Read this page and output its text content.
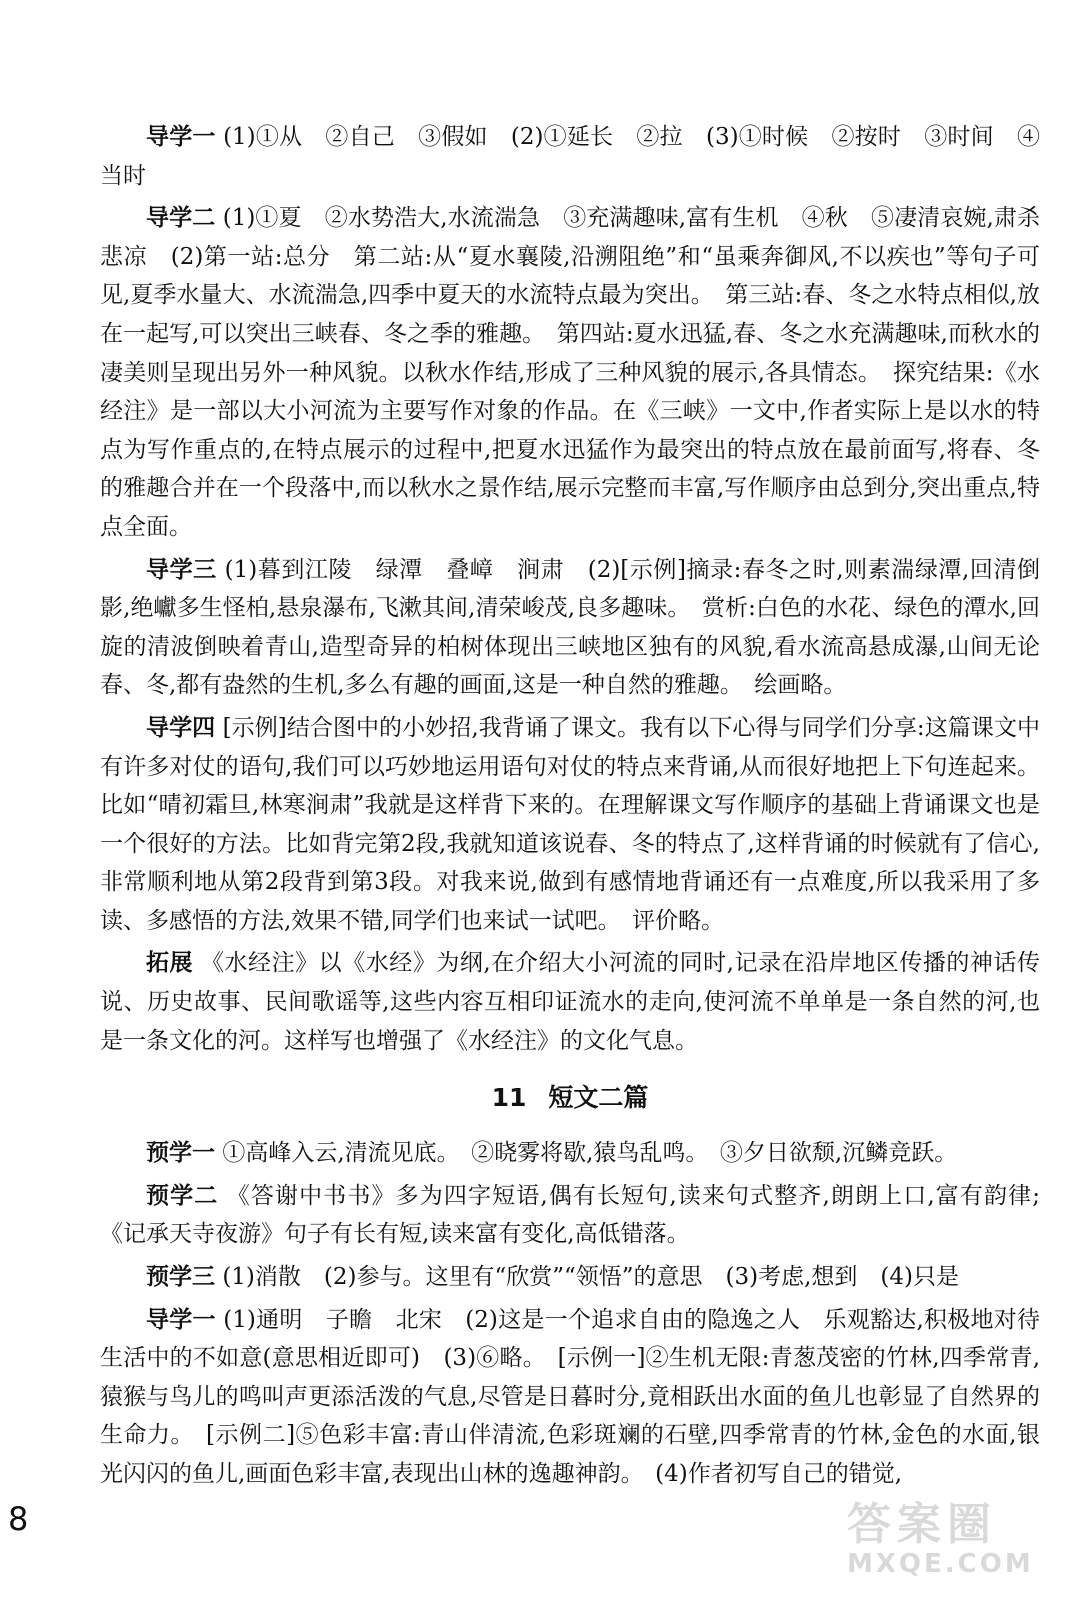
导学一 (1)①从　②自己　③假如　(2)①延长　②拉　(3)①时候　②按时　③时间　④当时

导学二 (1)①夏　②水势浩大,水流湍急　③充满趣味,富有生机　④秋　⑤凄清哀婉,肃杀悲凉　(2)第一站:总分　第二站:从“夏水襄陵,沿溯阻绝”和“虽乘奔御风,不以疾也”等句子可见,夏季水量大、水流湍急,四季中夏天的水流特点最为突出。　第三站:春、冬之水特点相似,放在一起写,可以突出三峡春、冬之季的雅趣。　第四站:夏水迅猛,春、冬之水充满趣味,而秋水的凄美则呈现出另外一种风貌。以秋水作结,形成了三种风貌的展示,各具情态。　探究结果:《水经注》是一部以大小河流为主要写作对象的作品。在《三峡》一文中,作者实际上是以水的特点为写作重点的,在特点展示的过程中,把夏水迅猛作为最突出的特点放在最前面写,将春、冬的雅趣合并在一个段落中,而以秋水之景作结,展示完整而丰富,写作顺序由总到分,突出重点,特点全面。

导学三 (1)暮到江陵　绿潭　叠嶂　涧肃　(2)[示例]摘录:春冬之时,则素湍绿潭,回清倒影,绝巘多生怪柏,悬泉瀑布,飞漱其间,清荣峻茂,良多趣味。　赏析:白色的水花、绿色的潭水,回旋的清波倒映着青山,造型奇异的柏树体现出三峡地区独有的风貌,看水流高悬成瀑,山间无论春、冬,都有盎然的生机,多么有趣的画面,这是一种自然的雅趣。　绘画略。

导学四 [示例]结合图中的小妙招,我背诵了课文。我有以下心得与同学们分享:这篇课文中有许多对仗的语句,我们可以巧妙地运用语句对仗的特点来背诵,从而很好地把上下句连起来。比如“晴初霜旦,林寒涧肃”我就是这样背下来的。在理解课文写作顺序的基础上背诵课文也是一个很好的方法。比如背完第2段,我就知道该说春、冬的特点了,这样背诵的时候就有了信心,非常顺利地从第2段背到第3段。对我来说,做到有感情地背诵还有一点难度,所以我采用了多读、多感悟的方法,效果不错,同学们也来试一试吧。　评价略。

拓展 《水经注》以《水经》为纲,在介绍大小河流的同时,记录在沿岸地区传播的神话传说、历史故事、民间歌谣等,这些内容互相印证流水的走向,使河流不单单是一条自然的河,也是一条文化的河。这样写也增强了《水经注》的文化气息。

11 短文二篇

预学一 ①高峰入云,清流见底。　②晓雾将歇,猿鸟乱鸣。　③夕日欲颓,沉鳞竞跃。

预学二 《答谢中书书》多为四字短语,偶有长短句,读来句式整齐,朗朗上口,富有韵律;《记承天寺夜游》句子有长有短,读来富有变化,高低错落。

预学三 (1)消散　(2)参与。这里有“欣赏”“领悟”的意思　(3)考虑,想到　(4)只是

导学一 (1)通明　子瞻　北宋　(2)这是一个追求自由的隐逸之人　乐观豁达,积极地对待生活中的不如意(意思相近即可)　(3)⑥略。　[示例一]②生机无限:青葱茂密的竹林,四季常青,猿猴与鸟儿的鸣叫声更添活泼的气息,尽管是日暮时分,竟相跃出水面的鱼儿也彰显了自然界的生命力。　[示例二]⑤色彩丰富:青山伴清流,色彩斑斓的石壁,四季常青的竹林,金色的水面,银光闪闪的鱼儿,画面色彩丰富,表现出山林的逸趣神韵。　(4)作者初写自己的错觉,

8	答案圈
MXQE.COM
